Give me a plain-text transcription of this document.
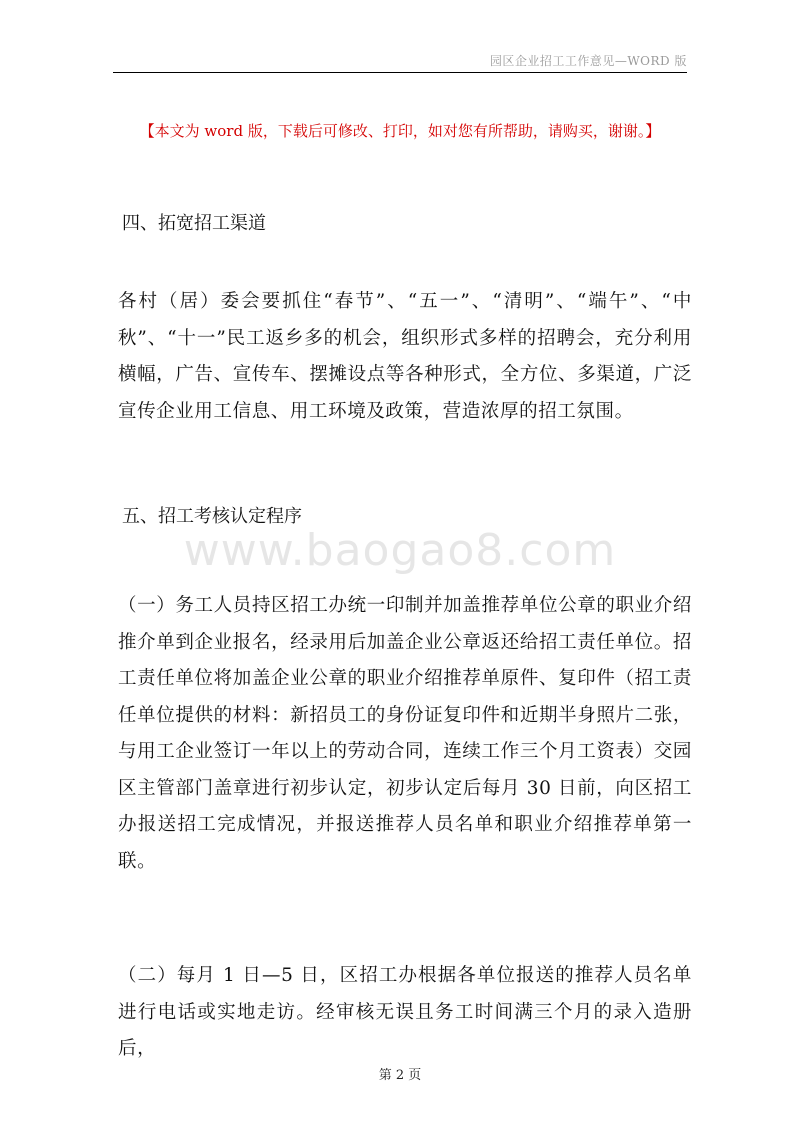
园区企业招工工作意见—WORD 版
【本文为 word 版，下载后可修改、打印，如对您有所帮助，请购买，谢谢。】
四、拓宽招工渠道
各村（居）委会要抓住“春节”、“五一”、“清明”、“端午”、“中秋”、“十一”民工返乡多的机会，组织形式多样的招聘会，充分利用横幅，广告、宣传车、摆摊设点等各种形式，全方位、多渠道，广泛宣传企业用工信息、用工环境及政策，营造浓厚的招工氛围。
五、招工考核认定程序
www.baogao8.com
（一）务工人员持区招工办统一印制并加盖推荐单位公章的职业介绍推介单到企业报名，经录用后加盖企业公章返还给招工责任单位。招工责任单位将加盖企业公章的职业介绍推荐单原件、复印件（招工责任单位提供的材料：新招员工的身份证复印件和近期半身照片二张，与用工企业签订一年以上的劳动合同，连续工作三个月工资表）交园区主管部门盖章进行初步认定，初步认定后每月 30 日前，向区招工办报送招工完成情况，并报送推荐人员名单和职业介绍推荐单第一联。
（二）每月 1 日—5 日，区招工办根据各单位报送的推荐人员名单进行电话或实地走访。经审核无误且务工时间满三个月的录入造册后，
第 2 页
